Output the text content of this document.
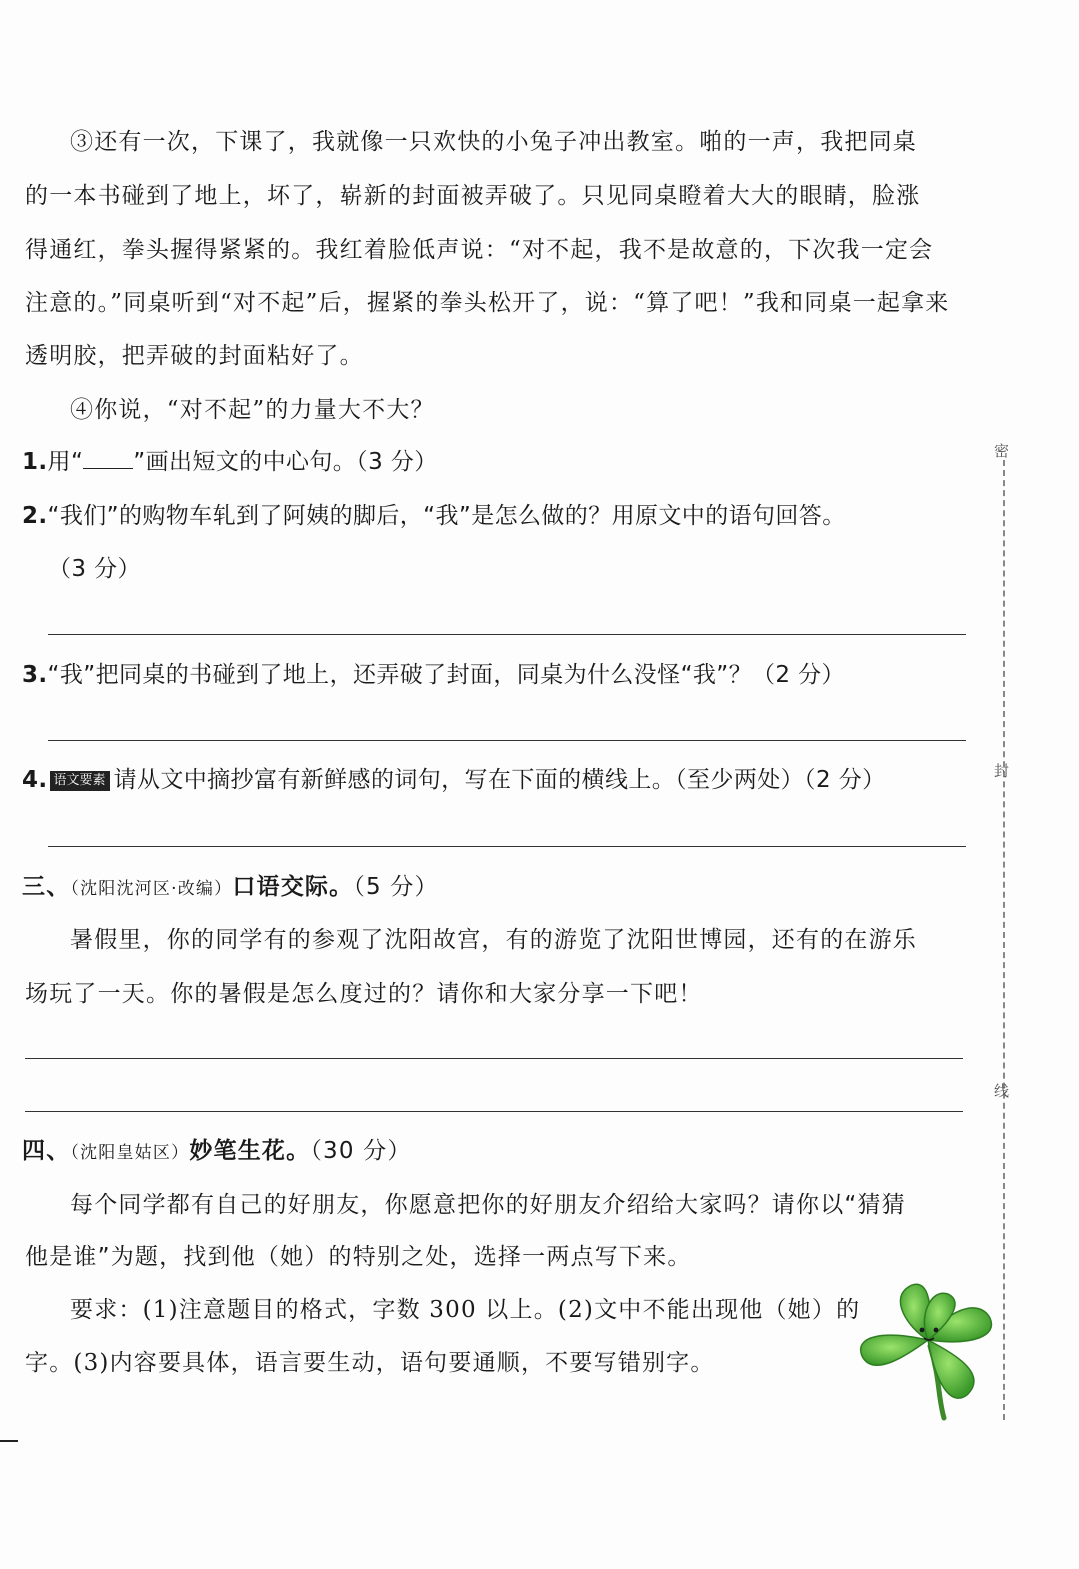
③还有一次，下课了，我就像一只欢快的小兔子冲出教室。啪的一声，我把同桌
的一本书碰到了地上，坏了，崭新的封面被弄破了。只见同桌瞪着大大的眼睛，脸涨
得通红，拳头握得紧紧的。我红着脸低声说：“对不起，我不是故意的，下次我一定会
注意的。”同桌听到“对不起”后，握紧的拳头松开了，说：“算了吧！”我和同桌一起拿来
透明胶，把弄破的封面粘好了。
④你说，“对不起”的力量大不大？
1.用“ ”画出短文的中心句。（3 分）
2.“我们”的购物车轧到了阿姨的脚后，“我”是怎么做的？用原文中的语句回答。
（3 分）
3.“我”把同桌的书碰到了地上，还弄破了封面，同桌为什么没怪“我”？（2 分）
4. 语文要素 请从文中摘抄富有新鲜感的词句，写在下面的横线上。（至少两处）（2 分）
三、（沈阳沈河区·改编）口语交际。（5 分）
暑假里，你的同学有的参观了沈阳故宫，有的游览了沈阳世博园，还有的在游乐
场玩了一天。你的暑假是怎么度过的？请你和大家分享一下吧！
四、（沈阳皇姑区）妙笔生花。（30 分）
每个同学都有自己的好朋友，你愿意把你的好朋友介绍给大家吗？请你以“猜猜
他是谁”为题，找到他（她）的特别之处，选择一两点写下来。
要求：(1)注意题目的格式，字数 300 以上。(2)文中不能出现他（她）的
字。(3)内容要具体，语言要生动，语句要通顺，不要写错别字。
密
封
线
